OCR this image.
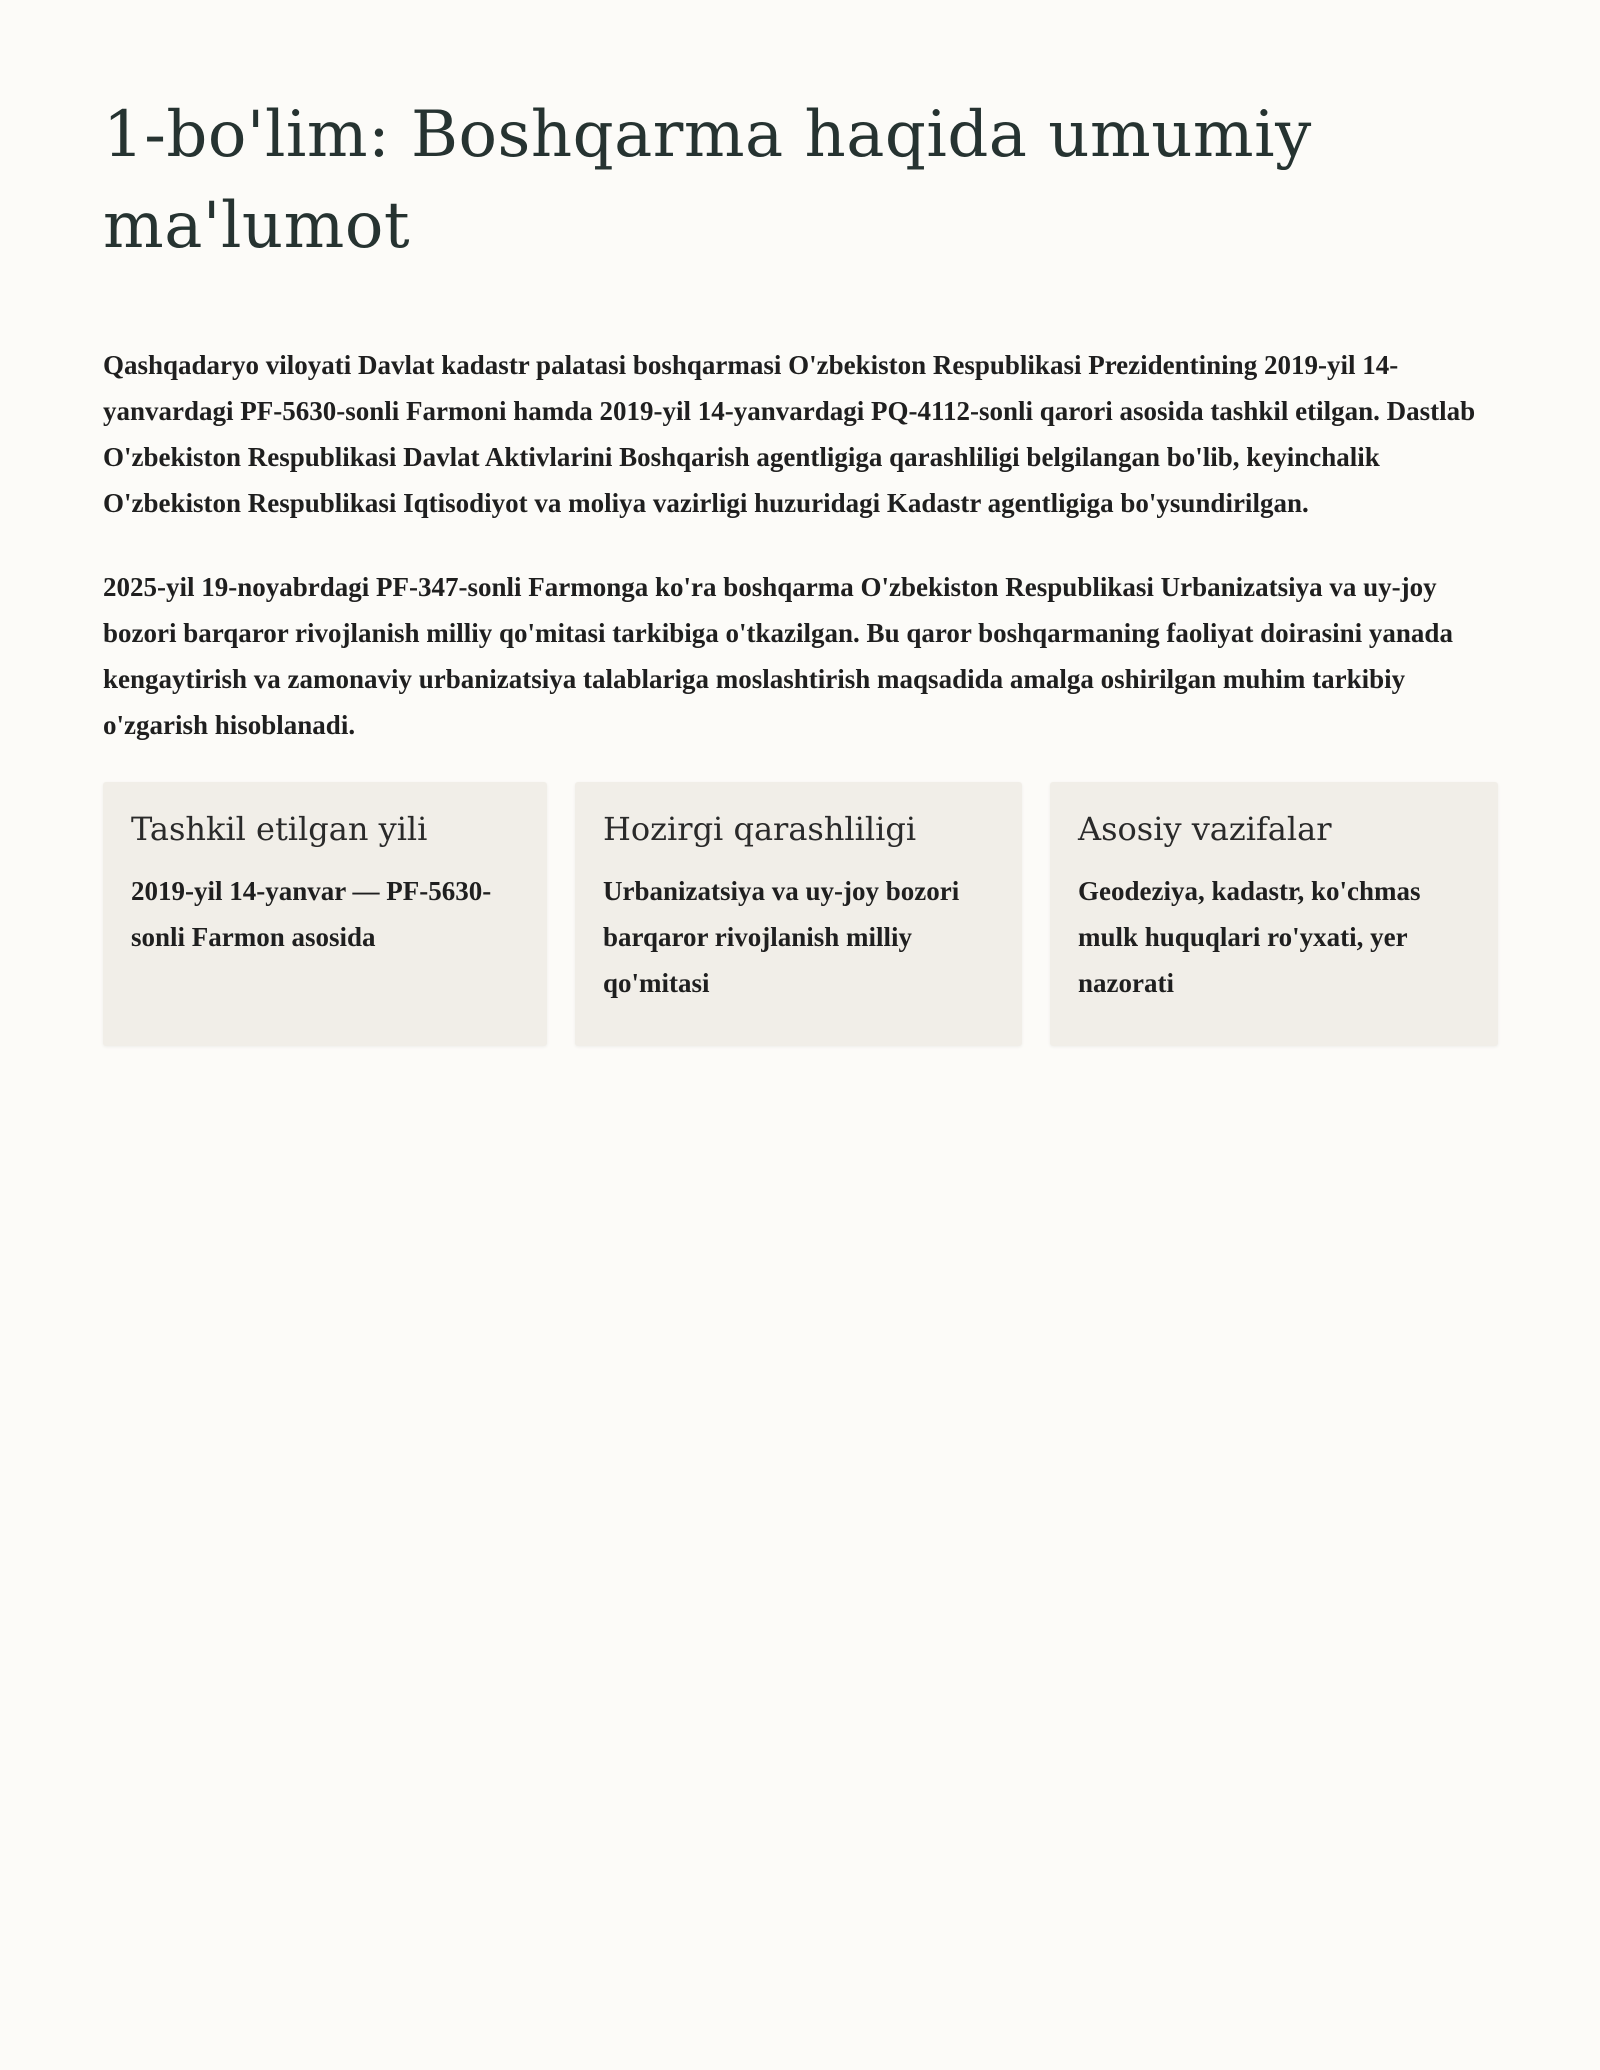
1-bo'lim: Boshqarma haqida umumiy ma'lumot

Qashqadaryo viloyati Davlat kadastr palatasi boshqarmasi O'zbekiston Respublikasi Prezidentining 2019-yil 14-yanvardagi PF-5630-sonli Farmoni hamda 2019-yil 14-yanvardagi PQ-4112-sonli qarori asosida tashkil etilgan. Dastlab O'zbekiston Respublikasi Davlat Aktivlarini Boshqarish agentligiga qarashliligi belgilangan bo'lib, keyinchalik O'zbekiston Respublikasi Iqtisodiyot va moliya vazirligi huzuridagi Kadastr agentligiga bo'ysundirilgan.

2025-yil 19-noyabrdagi PF-347-sonli Farmonga ko'ra boshqarma O'zbekiston Respublikasi Urbanizatsiya va uy-joy bozori barqaror rivojlanish milliy qo'mitasi tarkibiga o'tkazilgan. Bu qaror boshqarmaning faoliyat doirasini yanada kengaytirish va zamonaviy urbanizatsiya talablariga moslashtirish maqsadida amalga oshirilgan muhim tarkibiy o'zgarish hisoblanadi.

Tashkil etilgan yili

2019-yil 14-yanvar — PF-5630-sonli Farmon asosida

Hozirgi qarashliligi

Urbanizatsiya va uy-joy bozori barqaror rivojlanish milliy qo'mitasi

Asosiy vazifalar

Geodeziya, kadastr, ko'chmas mulk huquqlari ro'yxati, yer nazorati
